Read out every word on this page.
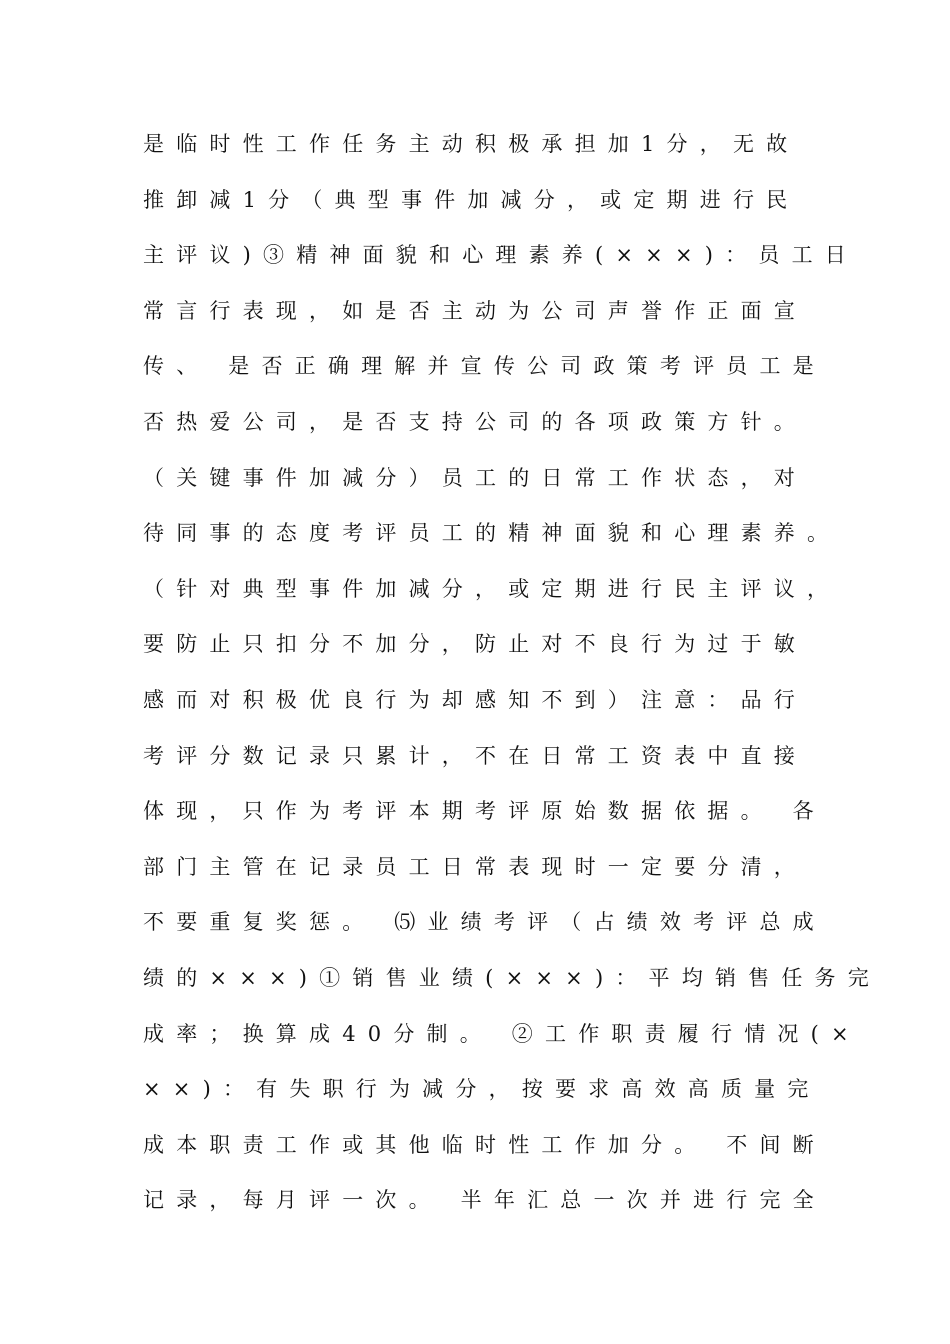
是临时性工作任务主动积极承担加1分，无故
推卸减1分（典型事件加减分，或定期进行民
主评议)③精神面貌和心理素养(×××)：员工日
常言行表现，如是否主动为公司声誉作正面宣
传、 是否正确理解并宣传公司政策考评员工是
否热爱公司，是否支持公司的各项政策方针。
（关键事件加减分）员工的日常工作状态，对
待同事的态度考评员工的精神面貌和心理素养。
（针对典型事件加减分，或定期进行民主评议，
要防止只扣分不加分，防止对不良行为过于敏
感而对积极优良行为却感知不到）注意：品行
考评分数记录只累计，不在日常工资表中直接
体现，只作为考评本期考评原始数据依据。 各
部门主管在记录员工日常表现时一定要分清，
不要重复奖惩。 ⑸业绩考评（占绩效考评总成
绩的×××)①销售业绩(×××)：平均销售任务完
成率；换算成40分制。 ②工作职责履行情况(×
××)：有失职行为减分，按要求高效高质量完
成本职责工作或其他临时性工作加分。 不间断
记录，每月评一次。 半年汇总一次并进行完全
